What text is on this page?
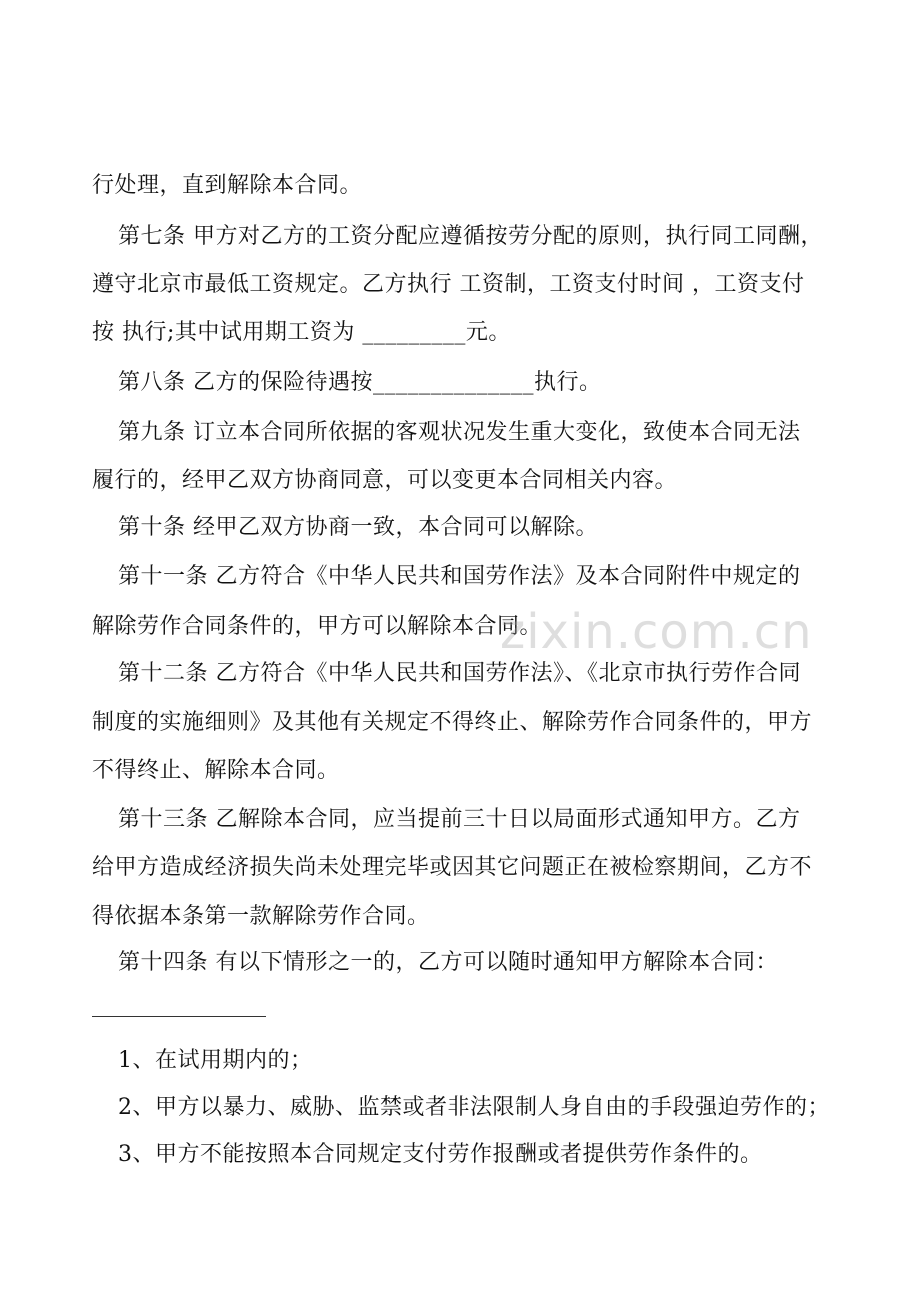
行处理，直到解除本合同。
第七条 甲方对乙方的工资分配应遵循按劳分配的原则，执行同工同酬，
遵守北京市最低工资规定。乙方执行 工资制，工资支付时间 ，工资支付
按 执行;其中试用期工资为 _________元。
第八条 乙方的保险待遇按______________执行。
第九条 订立本合同所依据的客观状况发生重大变化，致使本合同无法
履行的，经甲乙双方协商同意，可以变更本合同相关内容。
第十条 经甲乙双方协商一致，本合同可以解除。
第十一条 乙方符合《中华人民共和国劳作法》及本合同附件中规定的
解除劳作合同条件的，甲方可以解除本合同。
第十二条 乙方符合《中华人民共和国劳作法》、《北京市执行劳作合同
制度的实施细则》及其他有关规定不得终止、解除劳作合同条件的，甲方
不得终止、解除本合同。
第十三条 乙解除本合同，应当提前三十日以局面形式通知甲方。乙方
给甲方造成经济损失尚未处理完毕或因其它问题正在被检察期间，乙方不
得依据本条第一款解除劳作合同。
第十四条 有以下情形之一的，乙方可以随时通知甲方解除本合同：
1、在试用期内的；
2、甲方以暴力、威胁、监禁或者非法限制人身自由的手段强迫劳作的；
3、甲方不能按照本合同规定支付劳作报酬或者提供劳作条件的。
zixin.com.cn
